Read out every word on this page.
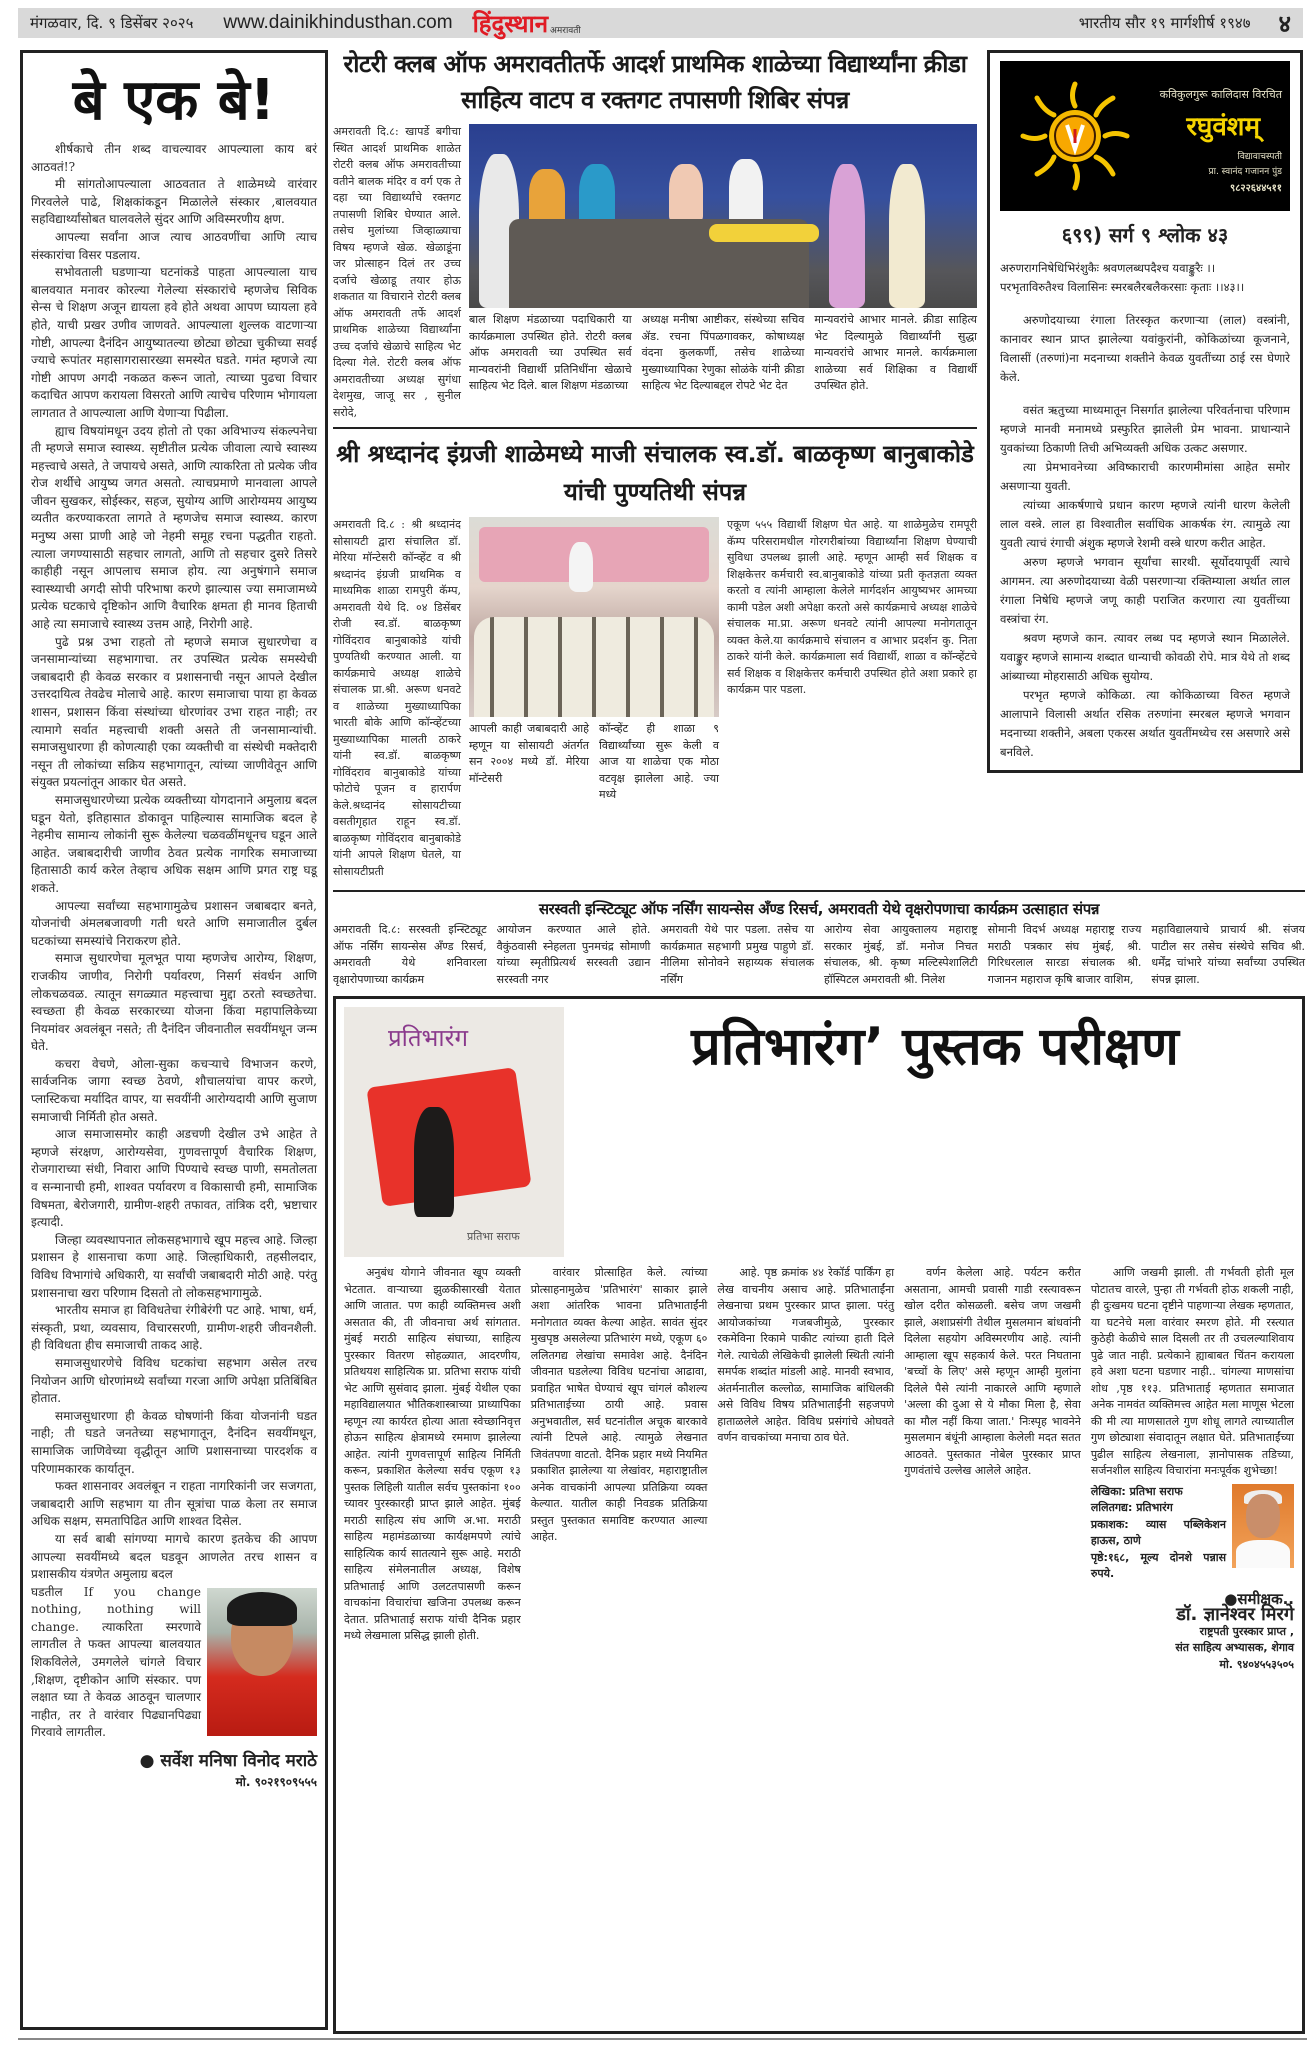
मंगळवार, दि. ९ डिसेंबर २०२५ www.dainikhindusthan.com हिंदुस्थान अमरावती	भारतीय सौर १९ मार्गशीर्ष १९४७ ४
बे एक बे!

शीर्षकाचे तीन शब्द वाचल्यावर आपल्याला काय बरं आठवतं!?

मी सांगतोआपल्याला आठवतात ते शाळेमध्ये वारंवार गिरवलेले पाढे, शिक्षकांकडून मिळालेले संस्कार ,बालवयात सहविद्यार्थ्यांसोबत घालवलेले सुंदर आणि अविस्मरणीय क्षण.

आपल्या सर्वांना आज त्याच आठवणींचा आणि त्याच संस्कारांचा विसर पडलाय.

सभोवताली घडणाऱ्या घटनांकडे पाहता आपल्याला याच बालवयात मनावर कोरल्या गेलेल्या संस्कारांचे म्हणजेच सिविक सेन्स चे शिक्षण अजून द्यायला हवे होते अथवा आपण घ्यायला हवे होते, याची प्रखर उणीव जाणवते. आपल्याला शुल्लक वाटणाऱ्या गोष्टी, आपल्या दैनंदिन आयुष्यातल्या छोट्या छोट्या चुकीच्या सवई ज्याचे रूपांतर महासागरासारख्या समस्येत घडते. गमंत म्हणजे त्या गोष्टी आपण अगदी नकळत करून जातो, त्याच्या पुढचा विचार कदाचित आपण करायला विसरतो आणि त्याचेच परिणाम भोगायला लागतात ते आपल्याला आणि येणाऱ्या पिढीला.

ह्याच विषयांमधून उदय होतो तो एका अविभाज्य संकल्पनेचा ती म्हणजे समाज स्वास्थ्य. सृष्टीतील प्रत्येक जीवाला त्याचे स्वास्थ्य महत्त्वाचे असते, ते जपायचे असते, आणि त्याकरिता तो प्रत्येक जीव रोज शर्थीचे आयुष्य जगत असतो. त्याचप्रमाणे मानवाला आपले जीवन सुखकर, सोईस्कर, सहज, सुयोग्य आणि आरोग्यमय आयुष्य व्यतीत करण्याकरता लागते ते म्हणजेच समाज स्वास्थ्य. कारण मनुष्य असा प्राणी आहे जो नेहमी समूह रचना पद्धतीत राहतो. त्याला जगण्यासाठी सहचार लागतो, आणि तो सहचार दुसरे तिसरे काहीही नसून आपलाच समाज होय. त्या अनुषंगाने समाज स्वास्थ्याची अगदी सोपी परिभाषा करणे झाल्यास ज्या समाजामध्ये प्रत्येक घटकाचे दृष्टिकोन आणि वैचारिक क्षमता ही मानव हिताची आहे त्या समाजाचे स्वास्थ्य उत्तम आहे, निरोगी आहे.

पुढे प्रश्न उभा राहतो तो म्हणजे समाज सुधारणेचा व जनसामान्यांच्या सहभागाचा. तर उपस्थित प्रत्येक समस्येची जबाबदारी ही केवळ सरकार व प्रशासनाची नसून आपले देखील उत्तरदायित्व तेवढेच मोलाचे आहे. कारण समाजाचा पाया हा केवळ शासन, प्रशासन किंवा संस्थांच्या धोरणांवर उभा राहत नाही; तर त्यामागे सर्वात महत्त्वाची शक्ती असते ती जनसामान्यांची. समाजसुधारणा ही कोणत्याही एका व्यक्तीची वा संस्थेची मक्तेदारी नसून ती लोकांच्या सक्रिय सहभागातून, त्यांच्या जाणीवेतून आणि संयुक्त प्रयत्नांतून आकार घेत असते.

समाजसुधारणेच्या प्रत्येक व्यक्तीच्या योगदानाने अमुलाग्र बदल घडून येतो, इतिहासात डोकावून पाहिल्यास सामाजिक बदल हे नेहमीच सामान्य लोकांनी सुरू केलेल्या चळवळींमधूनच घडून आले आहेत. जबाबदारीची जाणीव ठेवत प्रत्येक नागरिक समाजाच्या हितासाठी कार्य करेल तेव्हाच अधिक सक्षम आणि प्रगत राष्ट्र घडू शकते.

आपल्या सर्वांच्या सहभागामुळेच प्रशासन जबाबदार बनते, योजनांची अंमलबजावणी गती धरते आणि समाजातील दुर्बल घटकांच्या समस्यांचे निराकरण होते.

समाज सुधारणेचा मूलभूत पाया म्हणजेच आरोग्य, शिक्षण, राजकीय जाणीव, निरोगी पर्यावरण, निसर्ग संवर्धन आणि लोकचळवळ. त्यातून सगळ्यात महत्त्वाचा मुद्दा ठरतो स्वच्छतेचा. स्वच्छता ही केवळ सरकारच्या योजना किंवा महापालिकेच्या नियमांवर अवलंबून नसते; ती दैनंदिन जीवनातील सवयींमधून जन्म घेते.

कचरा वेचणे, ओला-सुका कचऱ्याचे विभाजन करणे, सार्वजनिक जागा स्वच्छ ठेवणे, शौचालयांचा वापर करणे, प्लास्टिकचा मर्यादित वापर, या सवयींनी आरोग्यदायी आणि सुजाण समाजाची निर्मिती होत असते.

आज समाजासमोर काही अडचणी देखील उभे आहेत ते म्हणजे संरक्षण, आरोग्यसेवा, गुणवत्तापूर्ण वैचारिक शिक्षण, रोजगाराच्या संधी, निवारा आणि पिण्याचे स्वच्छ पाणी, समतोलता व सन्मानाची हमी, शाश्वत पर्यावरण व विकासाची हमी, सामाजिक विषमता, बेरोजगारी, ग्रामीण-शहरी तफावत, तांत्रिक दरी, भ्रष्टाचार इत्यादी.

जिल्हा व्यवस्थापनात लोकसहभागाचे खूप महत्त्व आहे. जिल्हा प्रशासन हे शासनाचा कणा आहे. जिल्हाधिकारी, तहसीलदार, विविध विभागांचे अधिकारी, या सर्वांची जबाबदारी मोठी आहे. परंतु प्रशासनाचा खरा परिणाम दिसतो तो लोकसहभागामुळे.

भारतीय समाज हा विविधतेचा रंगीबेरंगी पट आहे. भाषा, धर्म, संस्कृती, प्रथा, व्यवसाय, विचारसरणी, ग्रामीण-शहरी जीवनशैली. ही विविधता हीच समाजाची ताकद आहे.

समाजसुधारणेचे विविध घटकांचा सहभाग असेल तरच नियोजन आणि धोरणांमध्ये सर्वांच्या गरजा आणि अपेक्षा प्रतिबिंबित होतात.

समाजसुधारणा ही केवळ घोषणांनी किंवा योजनांनी घडत नाही; ती घडते जनतेच्या सहभागातून, दैनंदिन सवयींमधून, सामाजिक जाणिवेच्या वृद्धीतून आणि प्रशासनाच्या पारदर्शक व परिणामकारक कार्यातून.

फक्त शासनावर अवलंबून न राहता नागरिकांनी जर सजगता, जबाबदारी आणि सहभाग या तीन सूत्रांचा पाळ केला तर समाज अधिक सक्षम, समतापिढित आणि शाश्वत दिसेल.

या सर्व बाबी सांगण्या मागचे कारण इतकेच की आपण आपल्या सवयींमध्ये बदल घडवून आणलेत तरच शासन व प्रशासकीय यंत्रणेत अमुलाग्र बदल

घडतील If you change nothing, nothing will change. त्याकरिता स्मरणावे लागतील ते फक्त आपल्या बालवयात शिकविलेले, उमगलेले चांगले विचार ,शिक्षण, दृष्टीकोन आणि संस्कार. पण लक्षात घ्या ते केवळ आठवून चालणार नाहीत, तर ते वारंवार पिढ्यानपिढ्या गिरवावे लागतील.
● सर्वेश मनिषा विनोद मराठे
मो. ९०२१९०९५५५
रोटरी क्लब ऑफ अमरावतीतर्फे आदर्श प्राथमिक शाळेच्या विद्यार्थ्यांना क्रीडा साहित्य वाटप व रक्तगट तपासणी शिबिर संपन्न
अमरावती दि.८: खापर्डे बगीचा स्थित आदर्श प्राथमिक शाळेत रोटरी क्लब ऑफ अमरावतीच्या वतीने बालक मंदिर व वर्ग एक ते दहा च्या विद्यार्थ्यांचे रक्तगट तपासणी शिबिर घेण्यात आले. तसेच मुलांच्या जिव्हाळ्याचा विषय म्हणजे खेळ. खेळाडूंना जर प्रोत्साहन दिलं तर उच्च दर्जाचे खेळाडू तयार होऊ शकतात या विचाराने रोटरी क्लब ऑफ अमरावती तर्फे आदर्श प्राथमिक शाळेच्या विद्यार्थ्यांना उच्च दर्जाचे खेळाचे साहित्य भेट दिल्या गेले. रोटरी क्लब ऑफ अमरावतीच्या अध्यक्ष सुगंधा देशमुख, जाजू सर , सुनील सरोदे,
बाल शिक्षण मंडळाच्या पदाधिकारी या कार्यक्रमाला उपस्थित होते. रोटरी क्लब ऑफ अमरावती च्या उपस्थित सर्व मान्यवरांनी विद्यार्थी प्रतिनिधींना खेळाचे साहित्य भेट दिले. बाल शिक्षण मंडळाच्या
अध्यक्ष मनीषा आष्टीकर, संस्थेच्या सचिव ॲड. रचना पिंपळगावकर, कोषाध्यक्ष वंदना कुलकर्णी, तसेच शाळेच्या मुख्याध्यापिका रेणुका सोळंके यांनी क्रीडा साहित्य भेट दिल्याबद्दल रोपटे भेट देत
मान्यवरांचे आभार मानले. क्रीडा साहित्य भेट दिल्यामुळे विद्यार्थ्यांनी सुद्धा मान्यवरांचे आभार मानले. कार्यक्रमाला शाळेच्या सर्व शिक्षिका व विद्यार्थी उपस्थित होते.
श्री श्रध्दानंद इंग्रजी शाळेमध्ये माजी संचालक स्व.डॉ. बाळकृष्ण बानुबाकोडे यांची पुण्यतिथी संपन्न
अमरावती दि.८ : श्री श्रध्दानंद सोसायटी द्वारा संचालित डॉ. मेरिया मॉन्टेसरी कॉन्व्हेंट व श्री श्रध्दानंद इंग्रजी प्राथमिक व माध्यमिक शाळा रामपुरी कॅम्प, अमरावती येथे दि. ०४ डिसेंबर रोजी स्व.डॉ. बाळकृष्ण गोविंदराव बानुबाकोडे यांची पुण्यतिथी करण्यात आली. या कार्यक्रमाचे अध्यक्ष शाळेचे संचालक प्रा.श्री. अरूण धनवटे व शाळेच्या मुख्याध्यापिका भारती बोके आणि कॉन्व्हेंटच्या मुख्याध्यापिका मालती ठाकरे यांनी स्व.डॉ. बाळकृष्ण गोविंदराव बानुबाकोडे यांच्या फोटोचे पूजन व हारार्पण केले.श्रध्दानंद सोसायटीच्या वसतीगृहात राहून स्व.डॉ. बाळकृष्ण गोविंदराव बानुबाकोडे यांनी आपले शिक्षण घेतले, या सोसायटीप्रती
आपली काही जबाबदारी आहे म्हणून या सोसायटी अंतर्गत सन २००४ मध्ये डॉ. मेरिया मॉन्टेसरी
कॉन्व्हेंट ही शाळा ९ विद्यार्थ्यांच्या सुरू केली व आज या शाळेचा एक मोठा वटवृक्ष झालेला आहे. ज्या मध्ये
एकूण ५५५ विद्यार्थी शिक्षण घेत आहे. या शाळेमुळेच रामपूरी कॅम्प परिसरामधील गोरगरीबांच्या विद्यार्थ्यांना शिक्षण घेण्याची सुविधा उपलब्ध झाली आहे. म्हणून आम्ही सर्व शिक्षक व शिक्षकेत्तर कर्मचारी स्व.बानुबाकोडे यांच्या प्रती कृतज्ञता व्यक्त करतो व त्यांनी आम्हाला केलेले मार्गदर्शन आयुष्यभर आमच्या कामी पडेल अशी अपेक्षा करतो असे कार्यक्रमाचे अध्यक्ष शाळेचे संचालक मा.प्रा. अरूण धनवटे त्यांनी आपल्या मनोगतातून व्यक्त केले.या कार्यक्रमाचे संचालन व आभार प्रदर्शन कु. निता ठाकरे यांनी केले. कार्यक्रमाला सर्व विद्यार्थी, शाळा व कॉन्व्हेंटचे सर्व शिक्षक व शिक्षकेत्तर कर्मचारी उपस्थित होते अशा प्रकारे हा कार्यक्रम पार पडला.
कविकुलगुरू कालिदास विरचित
रघुवंशम्
विद्यावाचस्पती
प्रा. स्वानंद गजानन पुंड
९८२२६४४५११
६९९) सर्ग ९ श्लोक ४३
अरुणरागनिषेधिभिरंशुकैः श्रवणलब्धपदैश्च यवाङ्कुरैः ।।
परभृताविरुतैश्च विलासिनः स्मरबलैरबलैकरसाः कृताः ।।४३।।

अरुणोदयाच्या रंगाला तिरस्कृत करणाऱ्या (लाल) वस्त्रांनी, कानावर स्थान प्राप्त झालेल्या यवांकुरांनी, कोकिळांच्या कूजनाने, विलासीं (तरुणां)ना मदनाच्या शक्तीने केवळ युवतींच्या ठाई रस घेणारे केले.

वसंत ऋतुच्या माध्यमातून निसर्गात झालेल्या परिवर्तनाचा परिणाम म्हणजे मानवी मनामध्ये प्रस्फुरित झालेली प्रेम भावना. प्राधान्याने युवकांच्या ठिकाणी तिची अभिव्यक्ती अधिक उत्कट असणार.

त्या प्रेमभावनेच्या अविष्काराची कारणमीमांसा आहेत समोर असणाऱ्या युवती.

त्यांच्या आकर्षणाचे प्रधान कारण म्हणजे त्यांनी धारण केलेली लाल वस्त्रे. लाल हा विश्वातील सर्वाधिक आकर्षक रंग. त्यामुळे त्या युवती त्याचं रंगाची अंशुक म्हणजे रेशमी वस्त्रे धारण करीत आहेत.

अरुण म्हणजे भगवान सूर्यांचा सारथी. सूर्योदयापूर्वी त्याचे आगमन. त्या अरुणोदयाच्या वेळी पसरणाऱ्या रक्तिम्याला अर्थात लाल रंगाला निषेधि म्हणजे जणू काही पराजित करणारा त्या युवतींच्या वस्त्रांचा रंग.

श्रवण म्हणजे कान. त्यावर लब्ध पद म्हणजे स्थान मिळालेले. यवाङ्कुर म्हणजे सामान्य शब्दात धान्याची कोवळी रोपे. मात्र येथे तो शब्द आंब्याच्या मोहरासाठी अधिक सुयोग्य.

परभृत म्हणजे कोकिळा. त्या कोकिळाच्या विरुत म्हणजे आलापाने विलासी अर्थात रसिक तरुणांना स्मरबल म्हणजे भगवान मदनाच्या शक्तीने, अबला एकरस अर्थात युवतींमध्येच रस असणारे असे बनविले.

सरस्वती इन्स्टिट्यूट ऑफ नर्सिंग सायन्सेस अँण्ड रिसर्च, अमरावती येथे वृक्षरोपणाचा कार्यक्रम उत्साहात संपन्न
अमरावती दि.८: सरस्वती इन्स्टिट्यूट ऑफ नर्सिंग सायन्सेस अँण्ड रिसर्च, अमरावती येथे शनिवारला वृक्षारोपणाच्या कार्यक्रम
आयोजन करण्यात आले होते. वैकुंठवासी स्नेहलता पुनमचंद्र सोमाणी यांच्या स्मृतीप्रित्यर्थ सरस्वती उद्यान सरस्वती नगर
अमरावती येथे पार पडला. तसेच या कार्यक्रमात सहभागी प्रमुख पाहुणे डॉ. नीलिमा सोनोवने सहाय्यक संचालक नर्सिंग
आरोग्य सेवा आयुक्तालय महाराष्ट्र सरकार मुंबई, डॉ. मनोज निचत संचालक, श्री. कृष्ण मल्टिस्पेशालिटी हॉस्पिटल अमरावती श्री. निलेश
सोमानी विदर्भ अध्यक्ष महाराष्ट्र राज्य मराठी पत्रकार संघ मुंबई, श्री. गिरिधरलाल सारडा संचालक श्री. गजानन महाराज कृषि बाजार वाशिम,
महाविद्यालयाचे प्राचार्य श्री. संजय पाटील सर तसेच संस्थेचे सचिव श्री. धर्मेंद्र चांभारे यांच्या सर्वांच्या उपस्थित संपन्न झाला.
प्रतिभारंग
प्रतिभा सराफ
प्रतिभारंग’ पुस्तक परीक्षण

अनुबंध योगाने जीवनात खूप व्यक्ती भेटतात. वाऱ्याच्या झुळकीसारखी येतात आणि जातात. पण काही व्यक्तिमत्त्व अशी असतात की, ती जीवनाचा अर्थ सांगतात. मुंबई मराठी साहित्य संघाच्या, साहित्य पुरस्कार वितरण सोहळ्यात, आदरणीय, प्रतिथयश साहित्यिक प्रा. प्रतिभा सराफ यांची भेट आणि सुसंवाद झाला. मुंबई येथील एका महाविद्यालयात भौतिकशास्त्राच्या प्राध्यापिका म्हणून त्या कार्यरत होत्या आता स्वेच्छानिवृत्त होऊन साहित्य क्षेत्रामध्ये रममाण झालेल्या आहेत. त्यांनी गुणवत्तापूर्ण साहित्य निर्मिती करून, प्रकाशित केलेल्या सर्वच एकूण १३ पुस्तक लिहिली यातील सर्वच पुस्तकांना १०० च्यावर पुरस्कारही प्राप्त झाले आहेत. मुंबई मराठी साहित्य संघ आणि अ.भा. मराठी साहित्य महामंडळाच्या कार्यक्षमपणे त्यांचे साहित्यिक कार्य सातत्याने सुरू आहे. मराठी साहित्य संमेलनातील अध्यक्ष, विशेष प्रतिभाताई आणि उलटतपासणी करून वाचकांना विचारांचा खजिना उपलब्ध करून देतात. प्रतिभाताई सराफ यांची दैनिक प्रहार मध्ये लेखमाला प्रसिद्ध झाली होती.

वारंवार प्रोत्साहित केले. त्यांच्या प्रोत्साहनामुळेच 'प्रतिभारंग' साकार झाले अशा आंतरिक भावना प्रतिभाताईंनी मनोगतात व्यक्त केल्या आहेत. सावंत सुंदर मुखपृष्ठ असलेल्या प्रतिभारंग मध्ये, एकूण ६० ललितगद्य लेखांचा समावेश आहे. दैनंदिन जीवनात घडलेल्या विविध घटनांचा आढावा, प्रवाहित भाषेत घेण्याचं खूप चांगलं कौशल्य प्रतिभाताईच्या ठायी आहे. प्रवास अनुभवातील, सर्व घटनांतील अचूक बारकावे त्यांनी टिपले आहे. त्यामुळे लेखनात जिवंतपणा वाटतो. दैनिक प्रहार मध्ये नियमित प्रकाशित झालेल्या या लेखांवर, महाराष्ट्रातील अनेक वाचकांनी आपल्या प्रतिक्रिया व्यक्त केल्यात. यातील काही निवडक प्रतिक्रिया प्रस्तुत पुस्तकात समाविष्ट करण्यात आल्या आहेत.

आहे. पृष्ठ क्रमांक ४४ रेकॉर्ड पार्किंग हा लेख वाचनीय असाच आहे. प्रतिभाताईंना लेखनाचा प्रथम पुरस्कार प्राप्त झाला. परंतु आयोजकांच्या गजबजीमुळे, पुरस्कार रकमेविना रिकामे पाकीट त्यांच्या हाती दिले गेले. त्याचेळी लेखिकेची झालेली स्थिती त्यांनी समर्पक शब्दांत मांडली आहे. मानवी स्वभाव, अंतर्मनातील कल्लोळ, सामाजिक बांधिलकी असे विविध विषय प्रतिभाताईंनी सहजपणे हाताळलेले आहेत. विविध प्रसंगांचे ओघवते वर्णन वाचकांच्या मनाचा ठाव घेते.

वर्णन केलेला आहे. पर्यटन करीत असताना, आमची प्रवासी गाडी रस्त्यावरून खोल दरीत कोसळली. बसेच जण जखमी झाले, अशाप्रसंगी तेथील मुसलमान बांधवांनी दिलेला सहयोग अविस्मरणीय आहे. त्यांनी आम्हाला खूप सहकार्य केले. परत निघताना 'बच्चों के लिए' असे म्हणून आम्ही मुलांना दिलेले पैसे त्यांनी नाकारले आणि म्हणाले 'अल्ला की दुआ से ये मौका मिला है, सेवा का मौल नहीं किया जाता.' निःस्पृह भावनेने मुसलमान बंधूंनी आम्हाला केलेली मदत सतत आठवते. पुस्तकात नोबेल पुरस्कार प्राप्त गुणवंतांचे उल्लेख आलेले आहेत.

आणि जखमी झाली. ती गर्भवती होती मूल पोटातच वारले, पुन्हा ती गर्भवती होऊ शकली नाही, ही दुःखमय घटना दृष्टीने पाहणाऱ्या लेखक म्हणतात, या घटनेचे मला वारंवार स्मरण होते. मी रस्त्यात कुठेही केळीचे साल दिसली तर ती उचलल्याशिवाय पुढे जात नाही. प्रत्येकाने ह्याबाबत चिंतन करायला हवे अशा घटना घडणार नाही.. चांगल्या माणसांचा शोध ,पृष्ठ ११३. प्रतिभाताई म्हणतात समाजात अनेक नामवंत व्यक्तिमत्त्व आहेत मला माणूस भेटला की मी त्या माणसातले गुण शोधू लागते त्याच्यातील गुण छोट्याशा संवादातून लक्षात घेते. प्रतिभाताईंच्या पुढील साहित्य लेखनाला, ज्ञानोपासक तडिच्या, सर्जनशील साहित्य विचारांना मनःपूर्वक शुभेच्छा!

लेखिका: प्रतिभा सराफ
ललितगद्य: प्रतिभारंग
प्रकाशक: व्यास पब्लिकेशन हाऊस, ठाणे
पृष्ठे:१६८, मूल्य दोनशे पन्नास रुपये.
●समीक्षक..
डॉ. ज्ञानेश्वर मिरगे
राष्ट्रपती पुरस्कार प्राप्त ,
संत साहित्य अभ्यासक, शेगाव
मो. ९४०४५५३५०५
